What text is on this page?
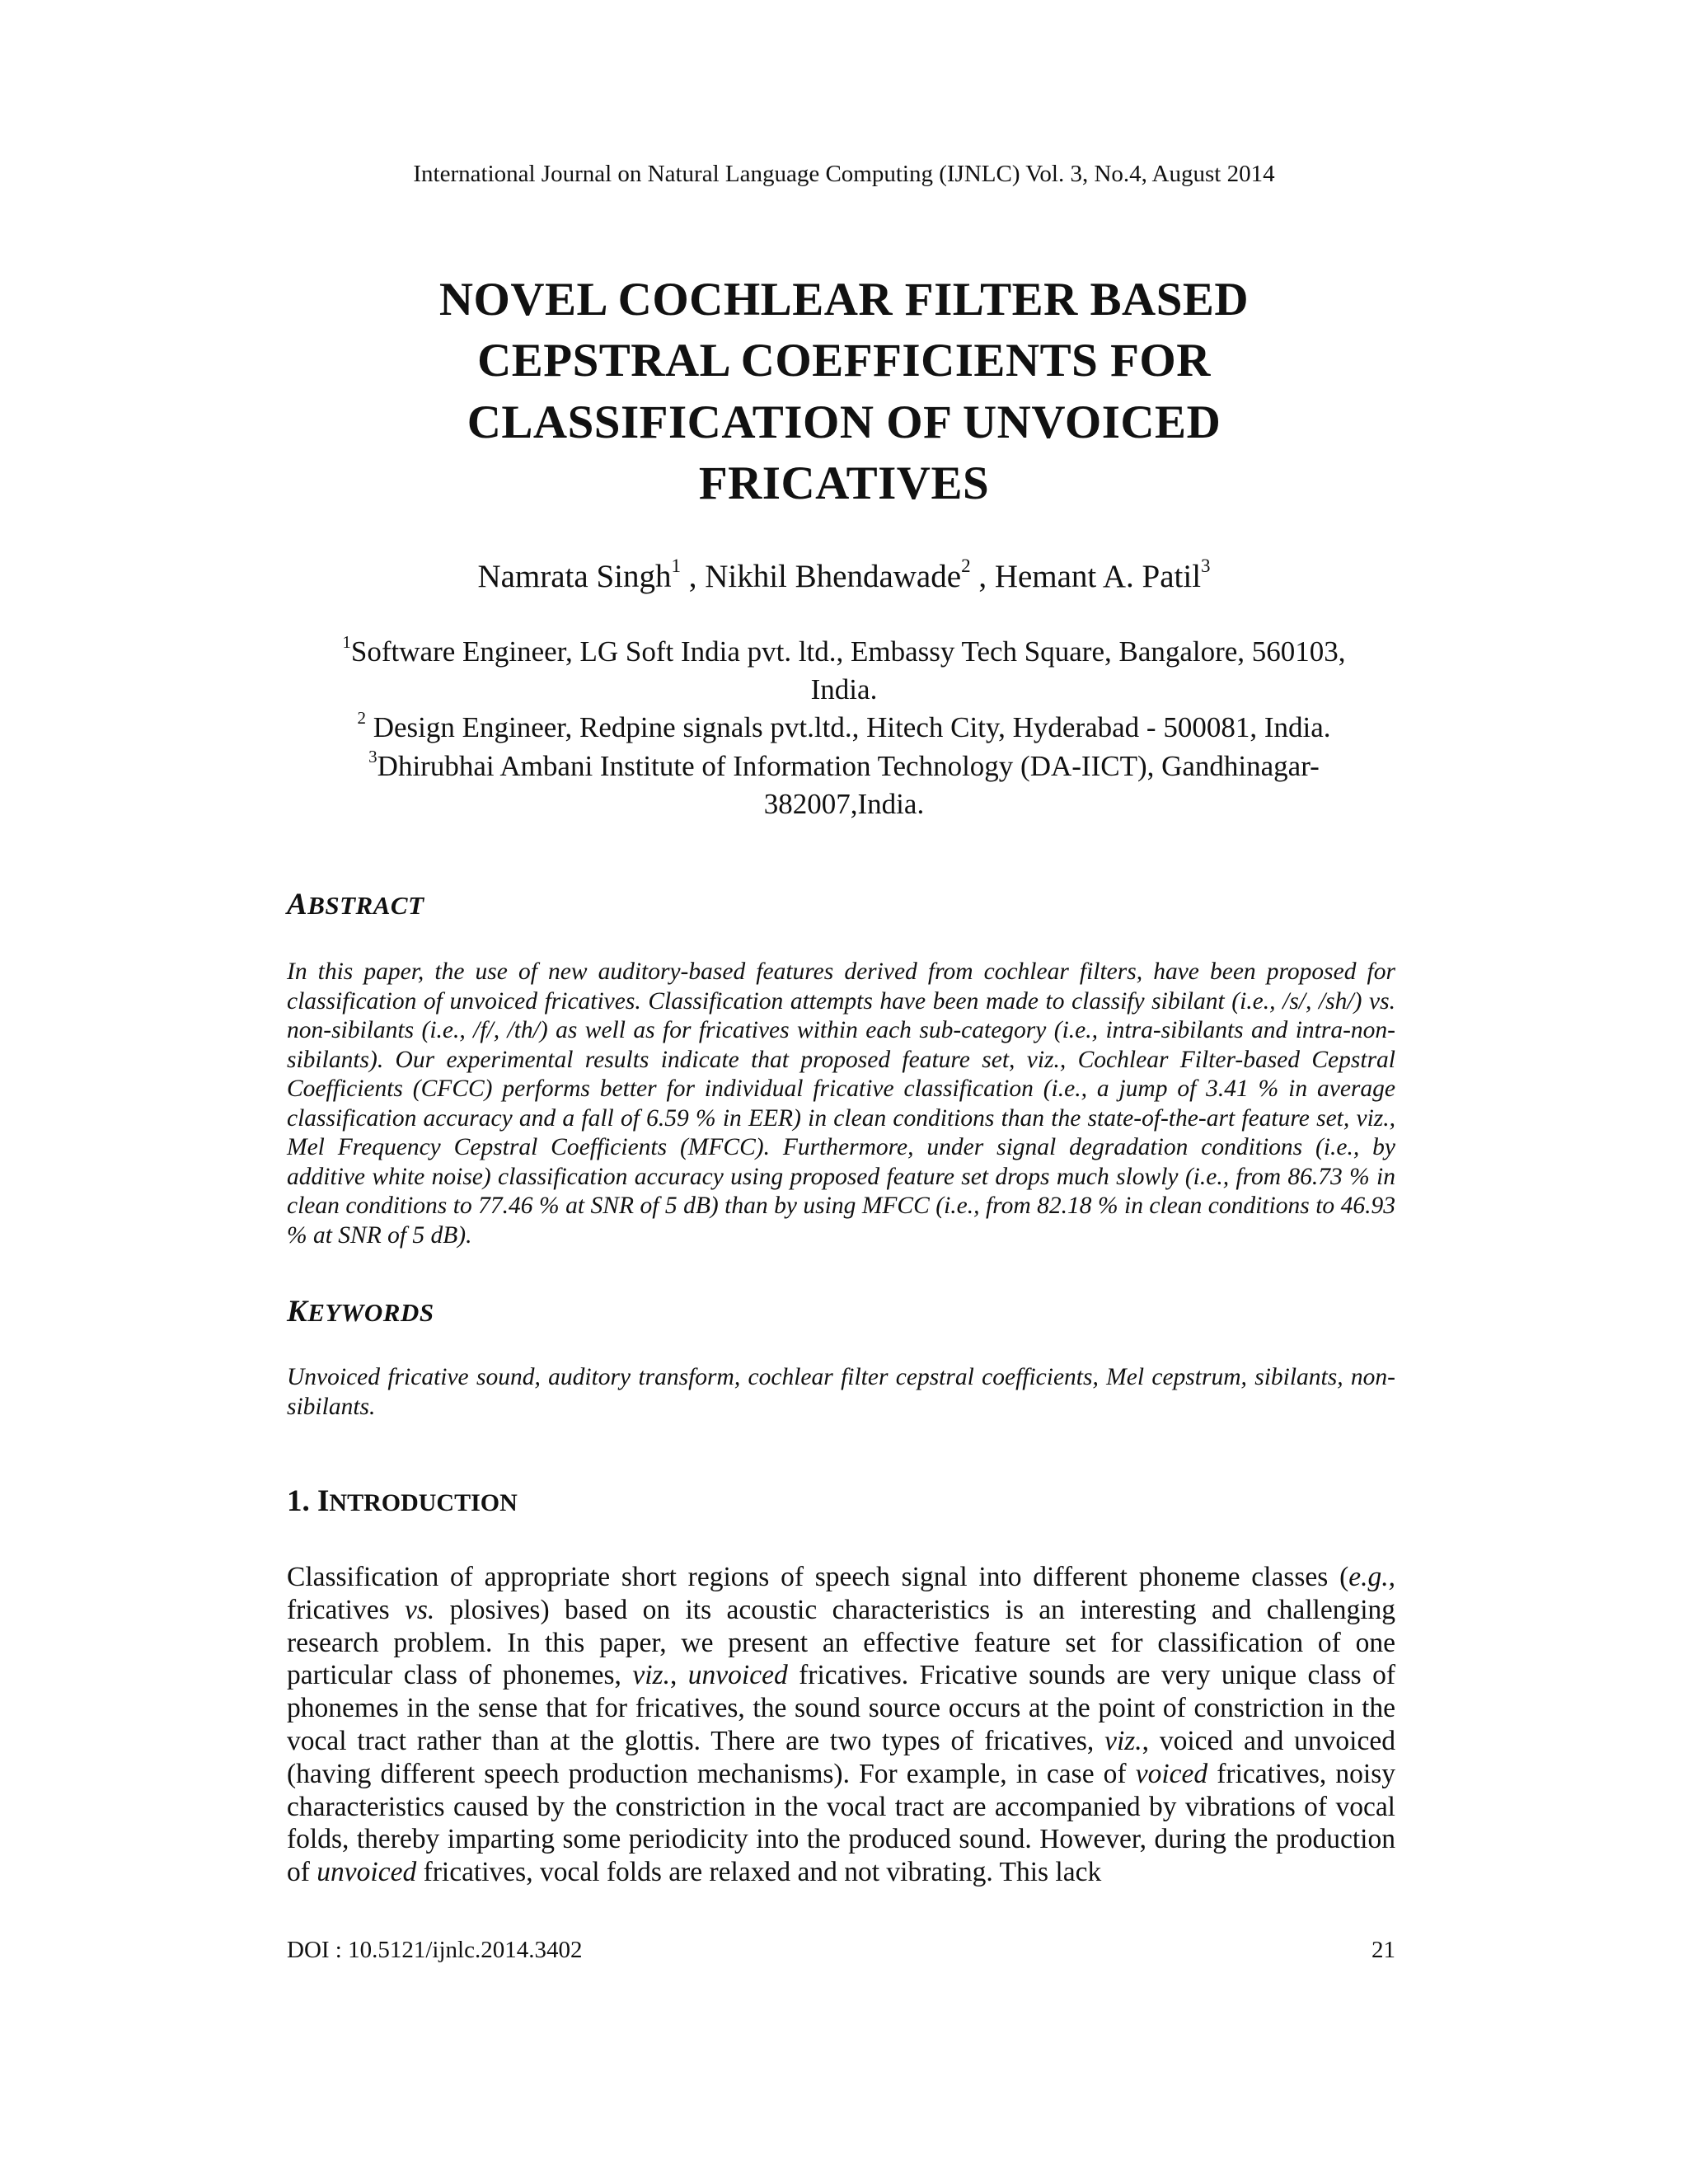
International Journal on Natural Language Computing (IJNLC) Vol. 3, No.4, August 2014
NOVEL COCHLEAR FILTER BASED
CEPSTRAL COEFFICIENTS FOR
CLASSIFICATION OF UNVOICED
FRICATIVES
Namrata Singh$^1$ , Nikhil Bhendawade$^2$ , Hemant A. Patil$^3$
$^1$Software Engineer, LG Soft India pvt. ltd., Embassy Tech Square, Bangalore, 560103,
India.
$^2$ Design Engineer, Redpine signals pvt.ltd., Hitech City, Hyderabad - 500081, India.
$^3$Dhirubhai Ambani Institute of Information Technology (DA-IICT), Gandhinagar-
382007,India.
ABSTRACT
In this paper, the use of new auditory-based features derived from cochlear filters, have been proposed for classification of unvoiced fricatives. Classification attempts have been made to classify sibilant (i.e., /s/, /sh/) vs. non-sibilants (i.e., /f/, /th/) as well as for fricatives within each sub-category (i.e., intra-sibilants and intra-non-sibilants). Our experimental results indicate that proposed feature set, viz., Cochlear Filter-based Cepstral Coefficients (CFCC) performs better for individual fricative classification (i.e., a jump of 3.41 % in average classification accuracy and a fall of 6.59 % in EER) in clean conditions than the state-of-the-art feature set, viz., Mel Frequency Cepstral Coefficients (MFCC). Furthermore, under signal degradation conditions (i.e., by additive white noise) classification accuracy using proposed feature set drops much slowly (i.e., from 86.73 % in clean conditions to 77.46 % at SNR of 5 dB) than by using MFCC (i.e., from 82.18 % in clean conditions to 46.93 % at SNR of 5 dB).
KEYWORDS
Unvoiced fricative sound, auditory transform, cochlear filter cepstral coefficients, Mel cepstrum, sibilants, non-sibilants.
1. INTRODUCTION
Classification of appropriate short regions of speech signal into different phoneme classes (e.g., fricatives vs. plosives) based on its acoustic characteristics is an interesting and challenging research problem. In this paper, we present an effective feature set for classification of one particular class of phonemes, viz., unvoiced fricatives. Fricative sounds are very unique class of phonemes in the sense that for fricatives, the sound source occurs at the point of constriction in the vocal tract rather than at the glottis. There are two types of fricatives, viz., voiced and unvoiced (having different speech production mechanisms). For example, in case of voiced fricatives, noisy characteristics caused by the constriction in the vocal tract are accompanied by vibrations of vocal folds, thereby imparting some periodicity into the produced sound. However, during the production of unvoiced fricatives, vocal folds are relaxed and not vibrating. This lack
DOI : 10.5121/ijnlc.2014.3402	21
